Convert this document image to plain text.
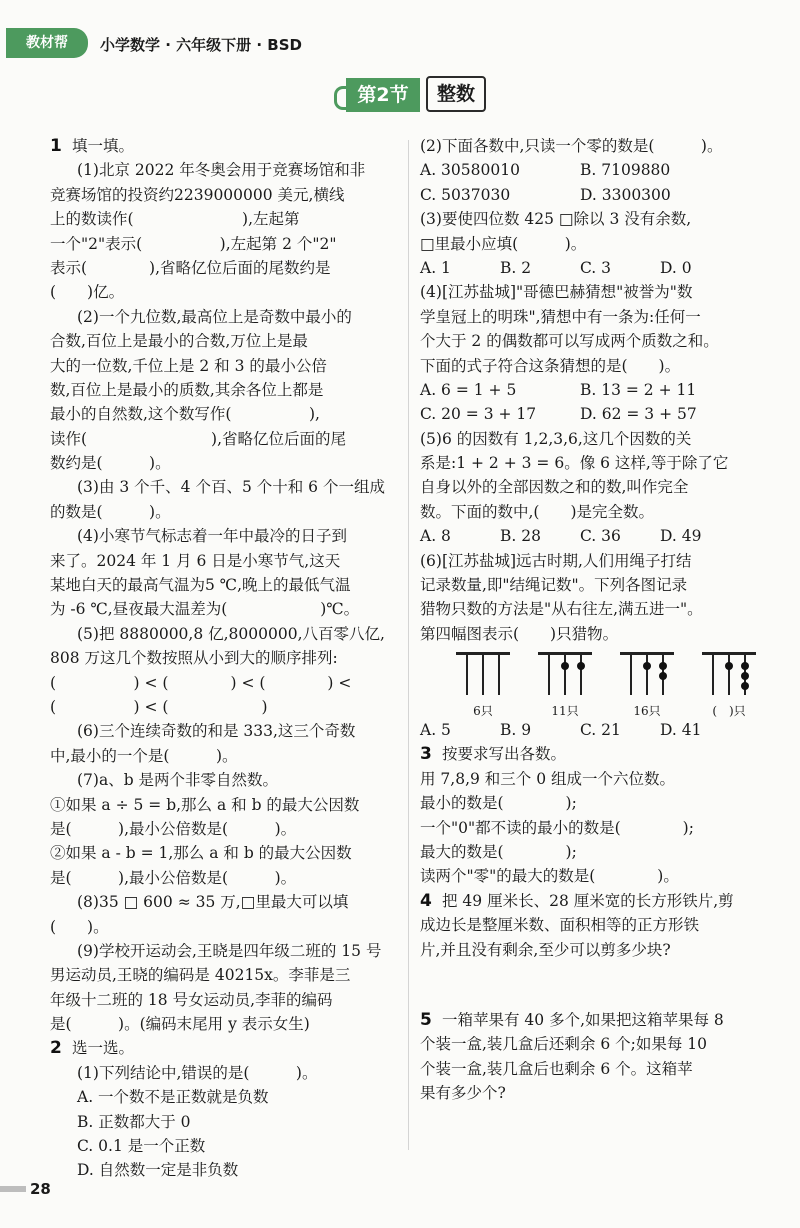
教材帮	小学数学 · 六年级下册 · BSD
第2节	整数
1 填一填。
(1)北京 2022 年冬奥会用于竞赛场馆和非
竞赛场馆的投资约2239000000 美元,横线
上的数读作(　　　　　　　),左起第
一个"2"表示(　　　　　),左起第 2 个"2"
表示(　　　　),省略亿位后面的尾数约是
(　　)亿。
(2)一个九位数,最高位上是奇数中最小的
合数,百位上是最小的合数,万位上是最
大的一位数,千位上是 2 和 3 的最小公倍
数,百位上是最小的质数,其余各位上都是
最小的自然数,这个数写作(　　　　　),
读作(　　　　　　　　),省略亿位后面的尾
数约是(　　　)。
(3)由 3 个千、4 个百、5 个十和 6 个一组成
的数是(　　　)。
(4)小寒节气标志着一年中最冷的日子到
来了。2024 年 1 月 6 日是小寒节气,这天
某地白天的最高气温为5 ℃,晚上的最低气温
为 -6 ℃,昼夜最大温差为(　　　　　　)℃。
(5)把 8880000,8 亿,8000000,八百零八亿,
808 万这几个数按照从小到大的顺序排列:
(　　　　　) < (　　　　) < (　　　　) <
(　　　　　) < (　　　　　　)
(6)三个连续奇数的和是 333,这三个奇数
中,最小的一个是(　　　)。
(7)a、b 是两个非零自然数。
①如果 a ÷ 5 = b,那么 a 和 b 的最大公因数
是(　　　),最小公倍数是(　　　)。
②如果 a - b = 1,那么 a 和 b 的最大公因数
是(　　　),最小公倍数是(　　　)。
(8)35 □ 600 ≈ 35 万,□里最大可以填
(　　)。
(9)学校开运动会,王晓是四年级二班的 15 号
男运动员,王晓的编码是 40215x。李菲是三
年级十二班的 18 号女运动员,李菲的编码
是(　　　)。(编码末尾用 y 表示女生)
2 选一选。
(1)下列结论中,错误的是(　　　)。
A. 一个数不是正数就是负数
B. 正数都大于 0
C. 0.1 是一个正数
D. 自然数一定是非负数
(2)下面各数中,只读一个零的数是(　　　)。
A. 30580010	B. 7109880
C. 5037030	D. 3300300
(3)要使四位数 425 □除以 3 没有余数,
□里最小应填(　　　)。
A. 1	B. 2	C. 3	D. 0
(4)[江苏盐城]"哥德巴赫猜想"被誉为"数
学皇冠上的明珠",猜想中有一条为:任何一
个大于 2 的偶数都可以写成两个质数之和。
下面的式子符合这条猜想的是(　　)。
A. 6 = 1 + 5	B. 13 = 2 + 11
C. 20 = 3 + 17	D. 62 = 3 + 57
(5)6 的因数有 1,2,3,6,这几个因数的关
系是:1 + 2 + 3 = 6。像 6 这样,等于除了它
自身以外的全部因数之和的数,叫作完全
数。下面的数中,(　　)是完全数。
A. 8	B. 28	C. 36	D. 49
(6)[江苏盐城]远古时期,人们用绳子打结
记录数量,即"结绳记数"。下列各图记录
猎物只数的方法是"从右往左,满五进一"。
第四幅图表示(　　)只猎物。
6只	11只	16只	(　)只
A. 5	B. 9	C. 21	D. 41
3 按要求写出各数。
用 7,8,9 和三个 0 组成一个六位数。
最小的数是(　　　　);
一个"0"都不读的最小的数是(　　　　);
最大的数是(　　　　);
读两个"零"的最大的数是(　　　　)。
4 把 49 厘米长、28 厘米宽的长方形铁片,剪
成边长是整厘米数、面积相等的正方形铁
片,并且没有剩余,至少可以剪多少块?
5 一箱苹果有 40 多个,如果把这箱苹果每 8
个装一盒,装几盒后还剩余 6 个;如果每 10
个装一盒,装几盒后也剩余 6 个。这箱苹
果有多少个?
28
